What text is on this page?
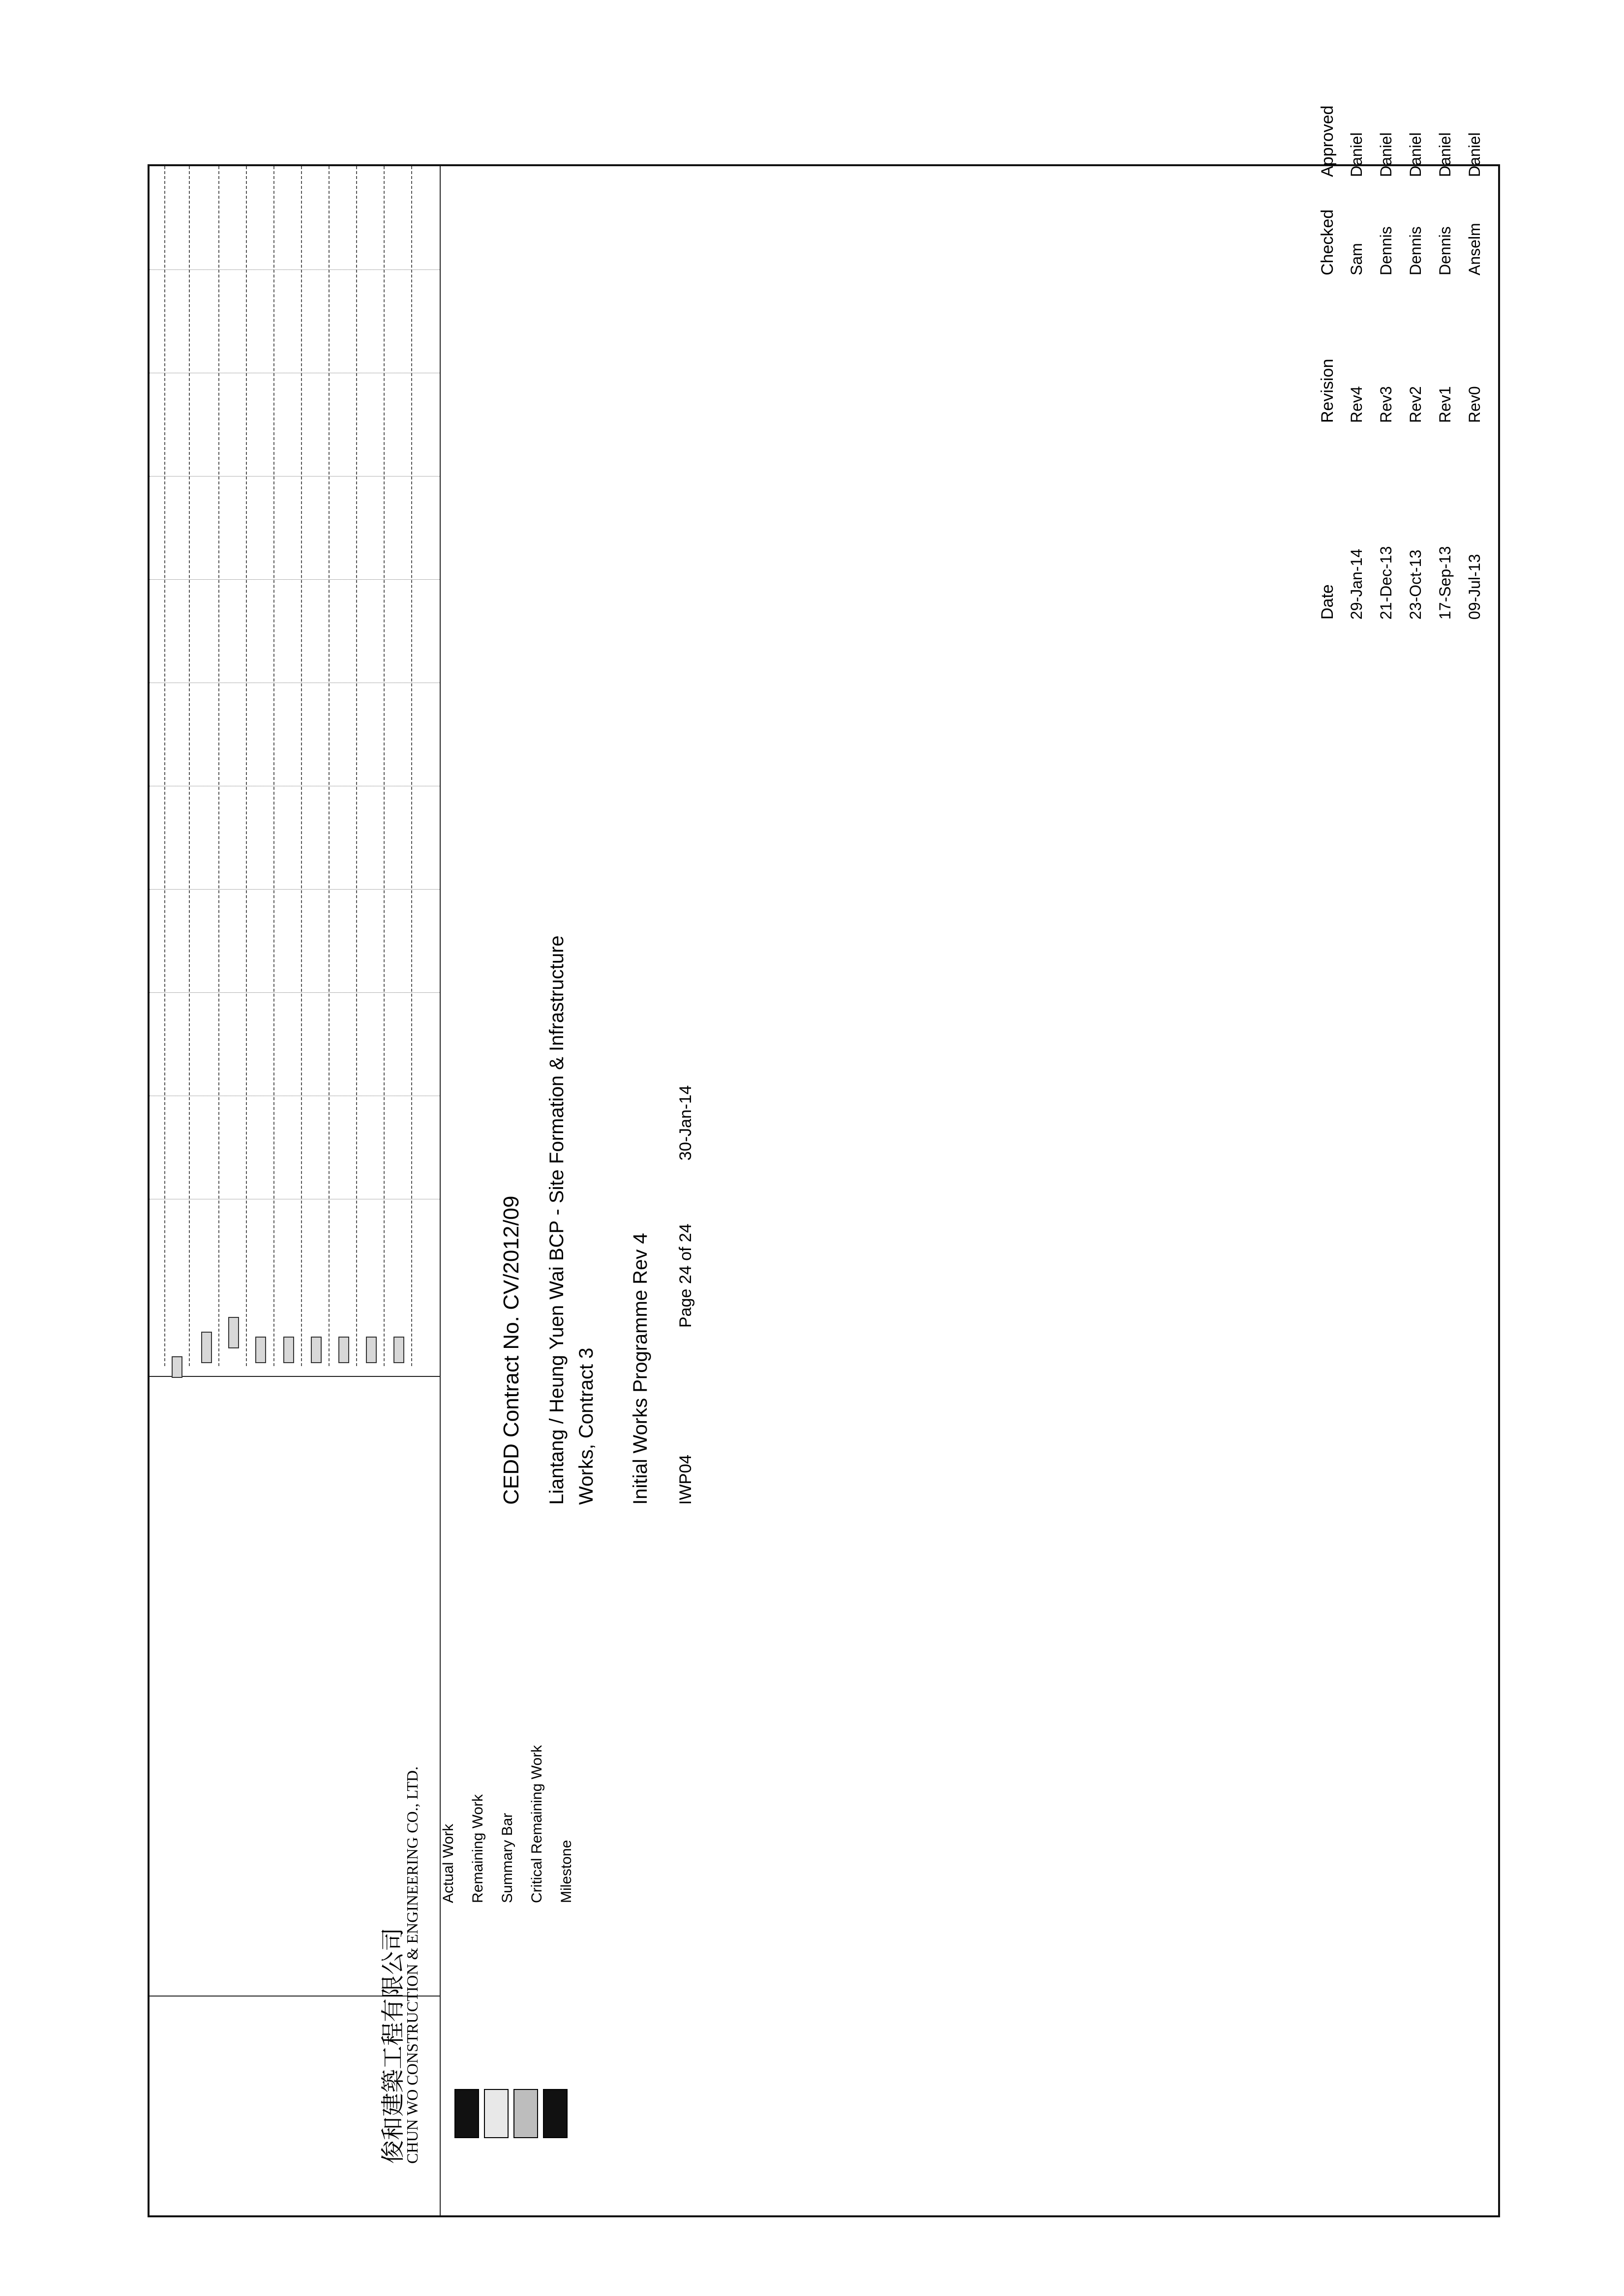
Actual Work Remaining Work Summary Bar Critical Remaining Work Milestone
俊和建築工程有限公司
CHUN WO CONSTRUCTION & ENGINEERING CO., LTD.
CEDD Contract No. CV/2012/09 Liantang / Heung Yuen Wai BCP - Site Formation & Infrastructure Works, Contract 3 Initial Works Programme Rev 4 IWP04
Page 24 of 24
30-Jan-14
Date
Revision
Checked
Approved
29-Jan-14
Rev4
Sam
Daniel
21-Dec-13
Rev3
Dennis
Daniel
23-Oct-13
Rev2
Dennis
Daniel
17-Sep-13
Rev1
Dennis
Daniel
09-Jul-13
Rev0
Anselm
Daniel
